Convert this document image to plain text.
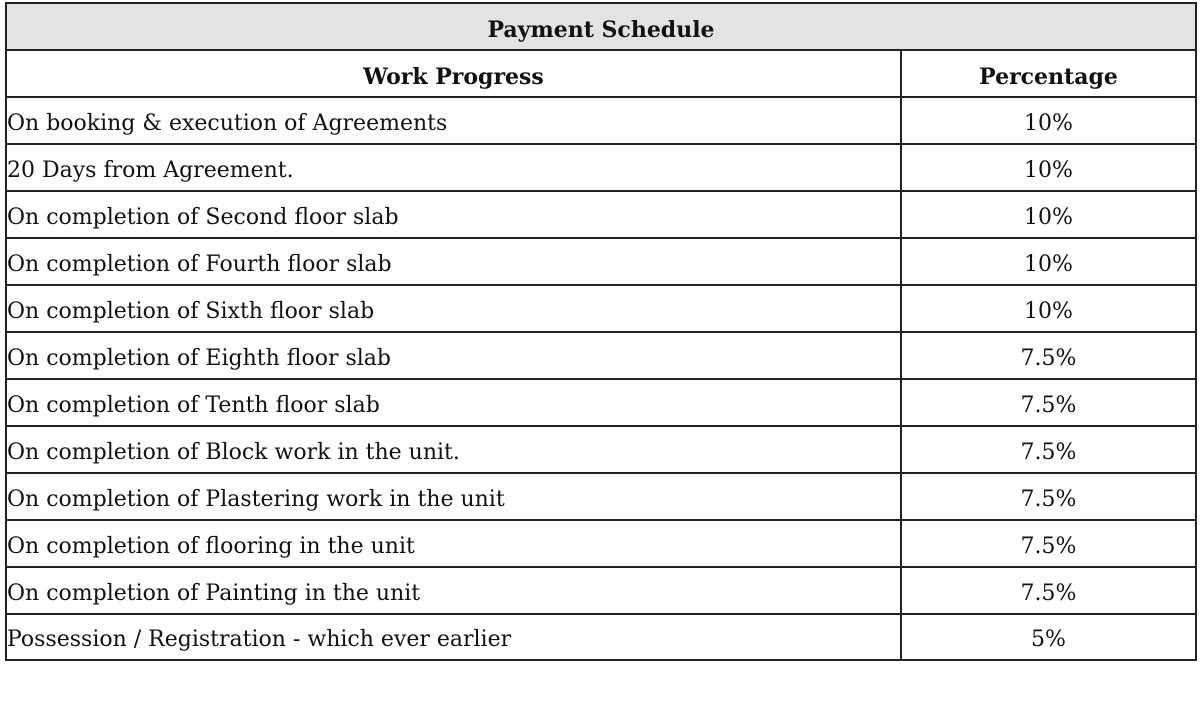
Payment Schedule	
Work Progress	Percentage
On booking & execution of Agreements	10%
20 Days from Agreement.	10%
On completion of Second floor slab	10%
On completion of Fourth floor slab	10%
On completion of Sixth floor slab	10%
On completion of Eighth floor slab	7.5%
On completion of Tenth floor slab	7.5%
On completion of Block work in the unit.	7.5%
On completion of Plastering work in the unit	7.5%
On completion of flooring in the unit	7.5%
On completion of Painting in the unit	7.5%
Possession / Registration - which ever earlier	5%
